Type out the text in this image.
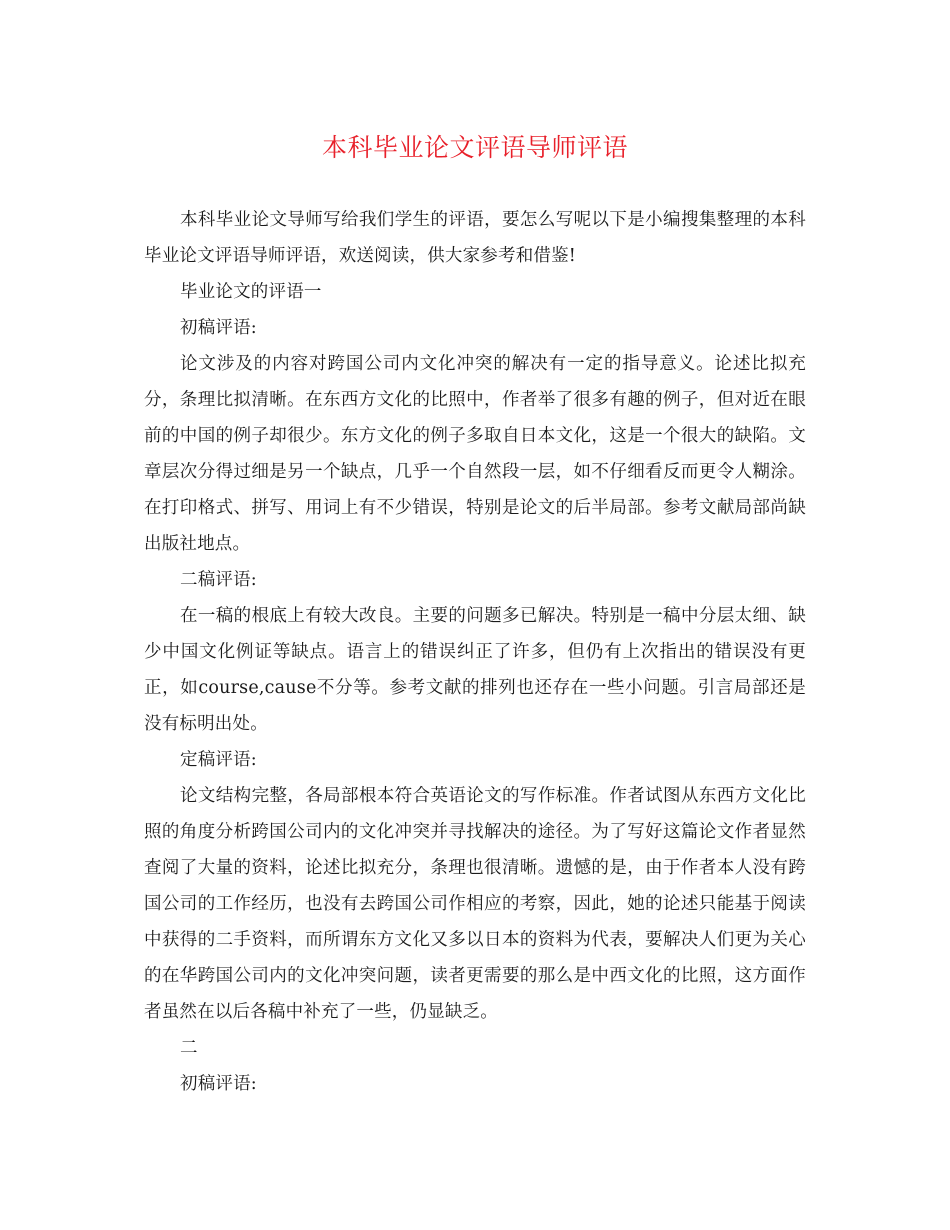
本科毕业论文评语导师评语

本科毕业论文导师写给我们学生的评语，要怎么写呢以下是小编搜集整理的本科毕业论文评语导师评语，欢送阅读，供大家参考和借鉴!

毕业论文的评语一

初稿评语:

论文涉及的内容对跨国公司内文化冲突的解决有一定的指导意义。论述比拟充分，条理比拟清晰。在东西方文化的比照中，作者举了很多有趣的例子，但对近在眼前的中国的例子却很少。东方文化的例子多取自日本文化，这是一个很大的缺陷。文章层次分得过细是另一个缺点，几乎一个自然段一层，如不仔细看反而更令人糊涂。在打印格式、拼写、用词上有不少错误，特别是论文的后半局部。参考文献局部尚缺出版社地点。

二稿评语:

在一稿的根底上有较大改良。主要的问题多已解决。特别是一稿中分层太细、缺少中国文化例证等缺点。语言上的错误纠正了许多，但仍有上次指出的错误没有更正，如course,cause不分等。参考文献的排列也还存在一些小问题。引言局部还是没有标明出处。

定稿评语:

论文结构完整，各局部根本符合英语论文的写作标准。作者试图从东西方文化比照的角度分析跨国公司内的文化冲突并寻找解决的途径。为了写好这篇论文作者显然查阅了大量的资料，论述比拟充分，条理也很清晰。遗憾的是，由于作者本人没有跨国公司的工作经历，也没有去跨国公司作相应的考察，因此，她的论述只能基于阅读中获得的二手资料，而所谓东方文化又多以日本的资料为代表，要解决人们更为关心的在华跨国公司内的文化冲突问题，读者更需要的那么是中西文化的比照，这方面作者虽然在以后各稿中补充了一些，仍显缺乏。

二

初稿评语:
